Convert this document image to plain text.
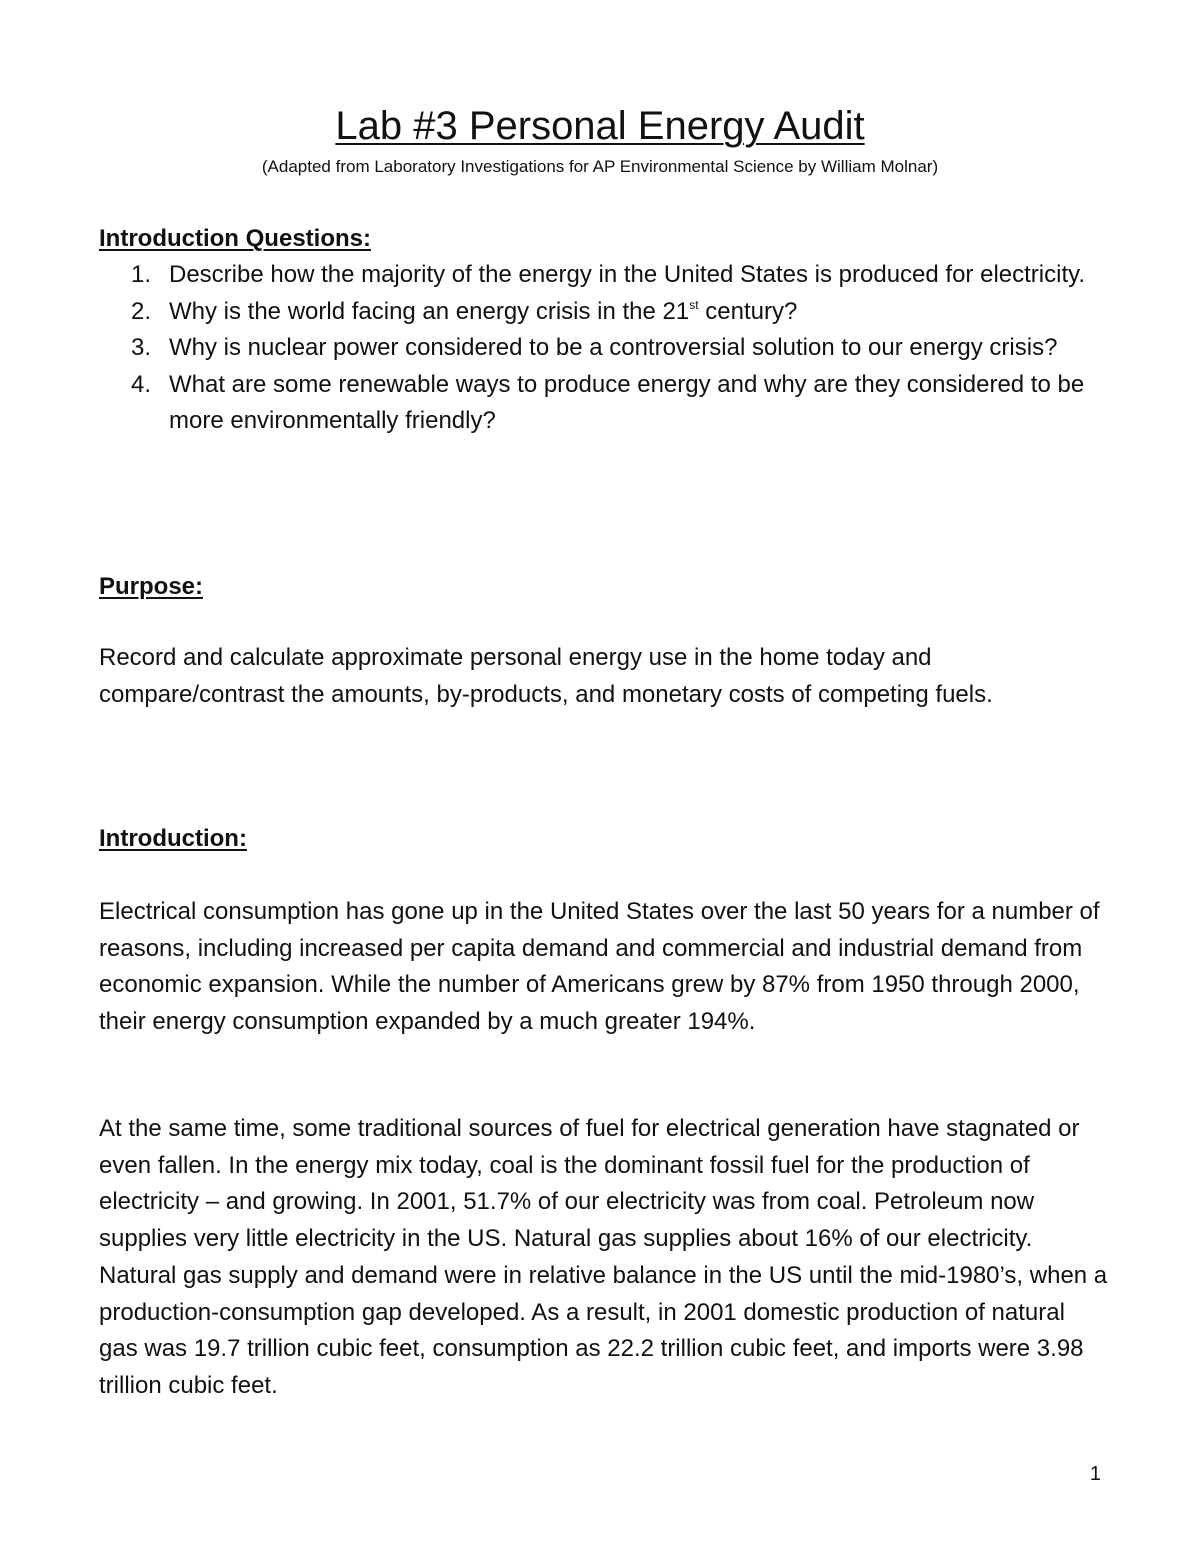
Lab #3 Personal Energy Audit
(Adapted from Laboratory Investigations for AP Environmental Science by William Molnar)
Introduction Questions:
1. Describe how the majority of the energy in the United States is produced for electricity.
2. Why is the world facing an energy crisis in the 21st century?
3. Why is nuclear power considered to be a controversial solution to our energy crisis?
4. What are some renewable ways to produce energy and why are they considered to be more environmentally friendly?
Purpose:

Record and calculate approximate personal energy use in the home today and compare/contrast the amounts, by-products, and monetary costs of competing fuels.

Introduction:

Electrical consumption has gone up in the United States over the last 50 years for a number of reasons, including increased per capita demand and commercial and industrial demand from economic expansion. While the number of Americans grew by 87% from 1950 through 2000, their energy consumption expanded by a much greater 194%.

At the same time, some traditional sources of fuel for electrical generation have stagnated or even fallen. In the energy mix today, coal is the dominant fossil fuel for the production of electricity – and growing. In 2001, 51.7% of our electricity was from coal. Petroleum now supplies very little electricity in the US. Natural gas supplies about 16% of our electricity. Natural gas supply and demand were in relative balance in the US until the mid-1980’s, when a production-consumption gap developed. As a result, in 2001 domestic production of natural gas was 19.7 trillion cubic feet, consumption as 22.2 trillion cubic feet, and imports were 3.98 trillion cubic feet.

1
